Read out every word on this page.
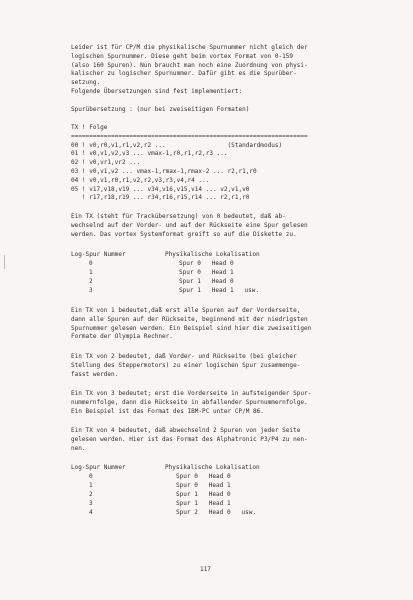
Leider ist für CP/M die physikalische Spurnummer nicht gleich der
logischen Spurnummer. Diese geht beim vortex Format von 0-159
(also 160 Spuren). Nun braucht man noch eine Zuordnung von physi-
kalischer zu logischer Spurnummer. Dafür gibt es die Spurüber-
setzung.
Folgende Übersetzungen sind fest implementiert:
Spurübersetzung : (nur bei zweiseitigen Formaten)
TX ! Folge
=================================================================
00 ! v0,r0,v1,r1,v2,r2 ...                 (Standardmodus)
01 ! v0,v1,v2,v3 ... vmax-1,r0,r1,r2,r3 ...
02 ! v0,vr1,vr2 ...
03 ! v0,v1,v2 ... vmax-1,rmax-1,rmax-2 ... r2,r1,r0
04 ! v0,v1,r0,r1,v2,r2,v3,r3,v4,r4 ...
05 ! v17,v18,v19 ... v34,v16,v15,v14 ... v2,v1,v0
! r17,r18,r19 ... r34,r16,r15,r14 ... r2,r1,r0
Ein TX (steht für Trackübersetzung) von 0 bedeutet, daß ab-
wechselnd auf der Vorder- und auf der Rückseite eine Spur gelesen
werden. Das vortex Systemformat greift so auf die Diskette zu.
Log-Spur Nummer	Physikalische Lokalisation
0	Spur 0   Head 0
1	Spur 0   Head 1
2	Spur 1   Head 0
3	Spur 1   Head 1   usw.
Ein TX von 1 bedeutet,daß erst alle Spuren auf der Vorderseite,
dann alle Spuren auf der Rückseite, beginnend mit der niedrigsten
Spurnummer gelesen werden. Ein Beispiel sind hier die zweiseitigen
Formate der Olympia Rechner.
Ein TX von 2 bedeutet, daß Vorder- und Rückseite (bei gleicher
Stellung des Steppermotors) zu einer logischen Spur zusammenge-
fasst werden.
Ein TX von 3 bedeutet; erst die Vorderseite in aufsteigender Spur-
nummernfolge, dann die Rückseite in abfallender Spurnummernfolge.
Ein Beispiel ist das Format des IBM-PC unter CP/M 86.
Ein TX von 4 bedeutet, daß abwechselnd 2 Spuren von jeder Seite
gelesen werden. Hier ist das Format des Alphatronic P3/P4 zu nen-
nen.
Log-Spur Nummer	Physikalische Lokalisation
0	Spur 0   Head 0
1	Spur 0   Head 1
2	Spur 1   Head 0
3	Spur 1   Head 1
4	Spur 2   Head 0   usw.
117
